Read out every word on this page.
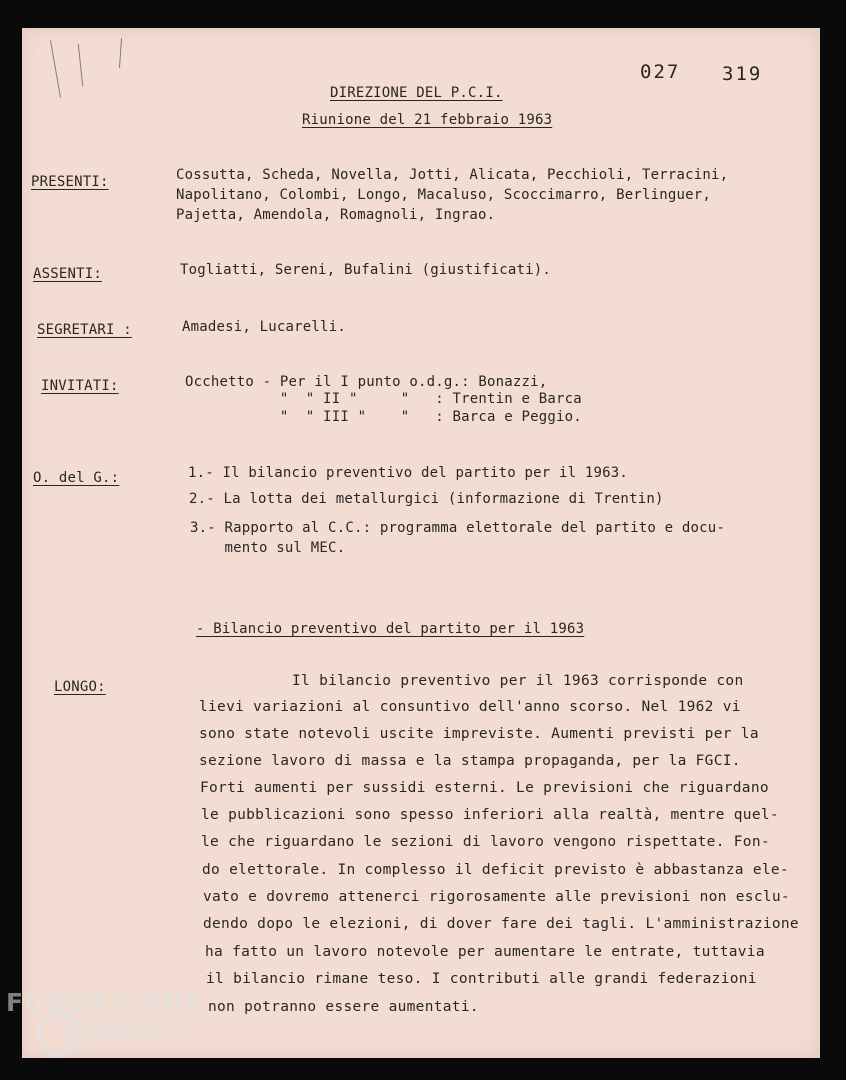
027 319
DIREZIONE DEL P.C.I.
Riunione del 21 febbraio 1963
PRESENTI:	Cossutta, Scheda, Novella, Jotti, Alicata, Pecchioli, Terracini,
Napolitano, Colombi, Longo, Macaluso, Scoccimarro, Berlinguer,
Pajetta, Amendola, Romagnoli, Ingrao.
ASSENTI:	Togliatti, Sereni, Bufalini (giustificati).
SEGRETARI :	Amadesi, Lucarelli.
INVITATI:	Occhetto - Per il I punto o.d.g.: Bonazzi,
"  " II "     "   : Trentin e Barca
"  " III "    "   : Barca e Peggio.
O. del G.:	1.- Il bilancio preventivo del partito per il 1963.
2.- La lotta dei metallurgici (informazione di Trentin)
3.- Rapporto al C.C.: programma elettorale del partito e docu-
mento sul MEC.
- Bilancio preventivo del partito per il 1963
LONGO:	Il bilancio preventivo per il 1963 corrisponde con
lievi variazioni al consuntivo dell'anno scorso. Nel 1962 vi
sono state notevoli uscite impreviste. Aumenti previsti per la
sezione lavoro di massa e la stampa propaganda, per la FGCI.
Forti aumenti per sussidi esterni. Le previsioni che riguardano
le pubblicazioni sono spesso inferiori alla realtà, mentre quel-
le che riguardano le sezioni di lavoro vengono rispettate. Fon-
do elettorale. In complesso il deficit previsto è abbastanza ele-
vato e dovremo attenerci rigorosamente alle previsioni non esclu-
dendo dopo le elezioni, di dover fare dei tagli. L'amministrazione
ha fatto un lavoro notevole per aumentare le entrate, tuttavia
il bilancio rimane teso. I contributi alle grandi federazioni
non potranno essere aumentati.
FONDAZIONE
RAMSCI
